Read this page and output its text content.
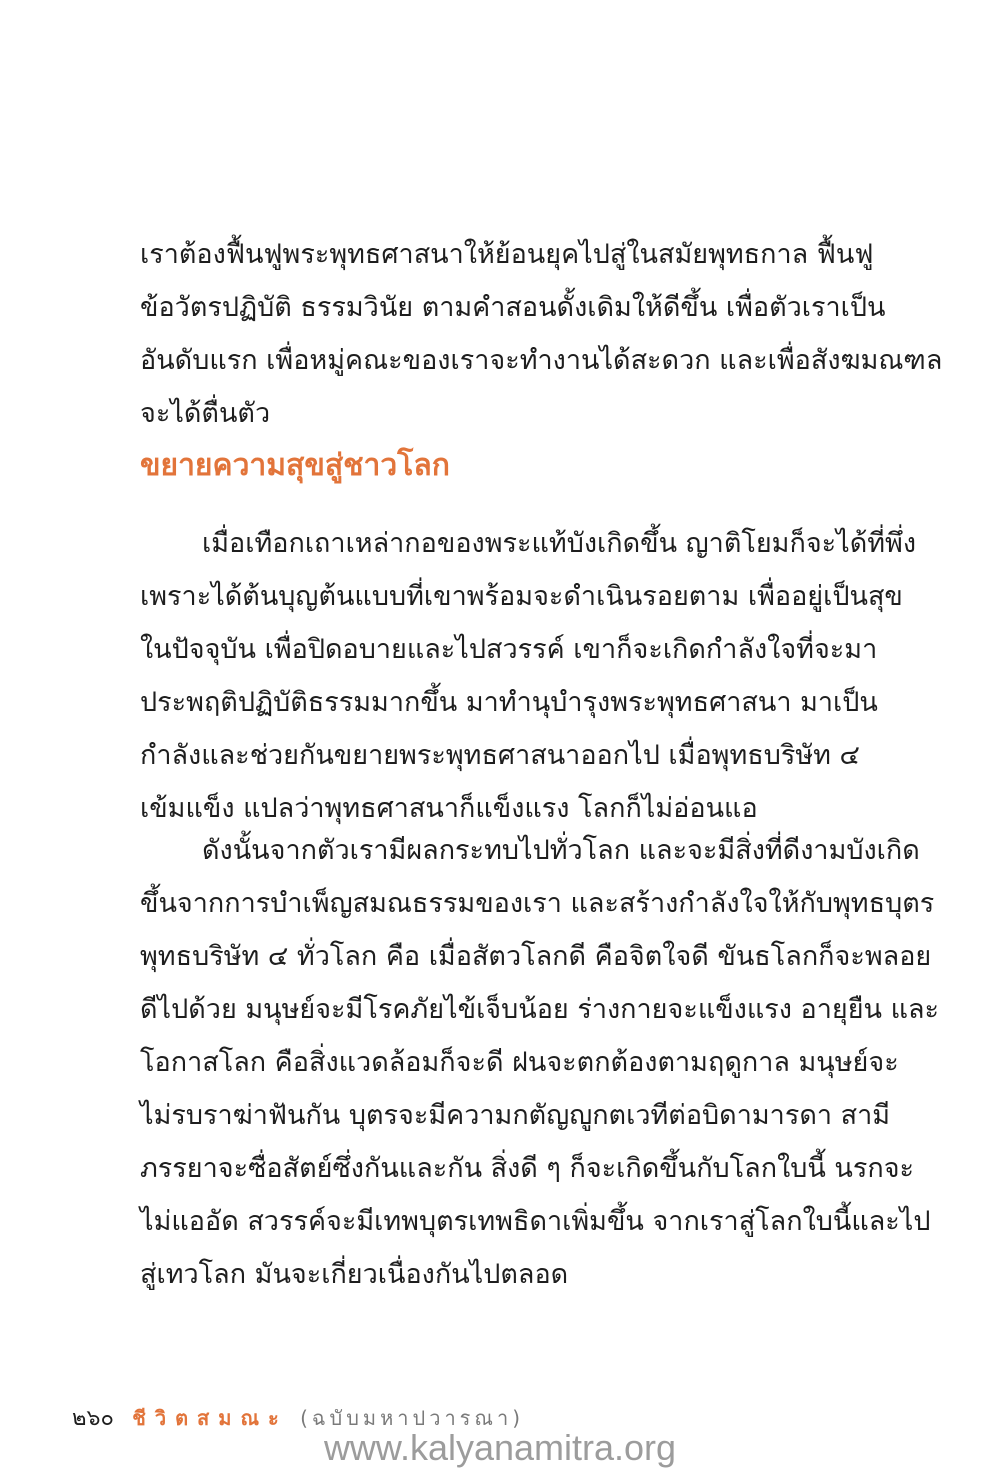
เราต้องฟื้นฟูพระพุทธศาสนาให้ย้อนยุคไปสู่ในสมัยพุทธกาล ฟื้นฟู
ข้อวัตรปฏิบัติ ธรรมวินัย ตามคำสอนดั้งเดิมให้ดีขึ้น เพื่อตัวเราเป็น
อันดับแรก เพื่อหมู่คณะของเราจะทำงานได้สะดวก และเพื่อสังฆมณฑล
จะได้ตื่นตัว
ขยายความสุขสู่ชาวโลก
เมื่อเทือกเถาเหล่ากอของพระแท้บังเกิดขึ้น ญาติโยมก็จะได้ที่พึ่ง
เพราะได้ต้นบุญต้นแบบที่เขาพร้อมจะดำเนินรอยตาม เพื่ออยู่เป็นสุข
ในปัจจุบัน เพื่อปิดอบายและไปสวรรค์ เขาก็จะเกิดกำลังใจที่จะมา
ประพฤติปฏิบัติธรรมมากขึ้น มาทำนุบำรุงพระพุทธศาสนา มาเป็น
กำลังและช่วยกันขยายพระพุทธศาสนาออกไป เมื่อพุทธบริษัท ๔
เข้มแข็ง แปลว่าพุทธศาสนาก็แข็งแรง โลกก็ไม่อ่อนแอ
ดังนั้นจากตัวเรามีผลกระทบไปทั่วโลก และจะมีสิ่งที่ดีงามบังเกิด
ขึ้นจากการบำเพ็ญสมณธรรมของเรา และสร้างกำลังใจให้กับพุทธบุตร
พุทธบริษัท ๔ ทั่วโลก คือ เมื่อสัตวโลกดี คือจิตใจดี ขันธโลกก็จะพลอย
ดีไปด้วย มนุษย์จะมีโรคภัยไข้เจ็บน้อย ร่างกายจะแข็งแรง อายุยืน และ
โอกาสโลก คือสิ่งแวดล้อมก็จะดี ฝนจะตกต้องตามฤดูกาล มนุษย์จะ
ไม่รบราฆ่าฟันกัน บุตรจะมีความกตัญญูกตเวทีต่อบิดามารดา สามี
ภรรยาจะซื่อสัตย์ซึ่งกันและกัน สิ่งดี ๆ ก็จะเกิดขึ้นกับโลกใบนี้ นรกจะ
ไม่แออัด สวรรค์จะมีเทพบุตรเทพธิดาเพิ่มขึ้น จากเราสู่โลกใบนี้และไป
สู่เทวโลก มันจะเกี่ยวเนื่องกันไปตลอด
๒๖๐ ชีวิตสมณะ (ฉบับมหาปวารณา)
www.kalyanamitra.org
